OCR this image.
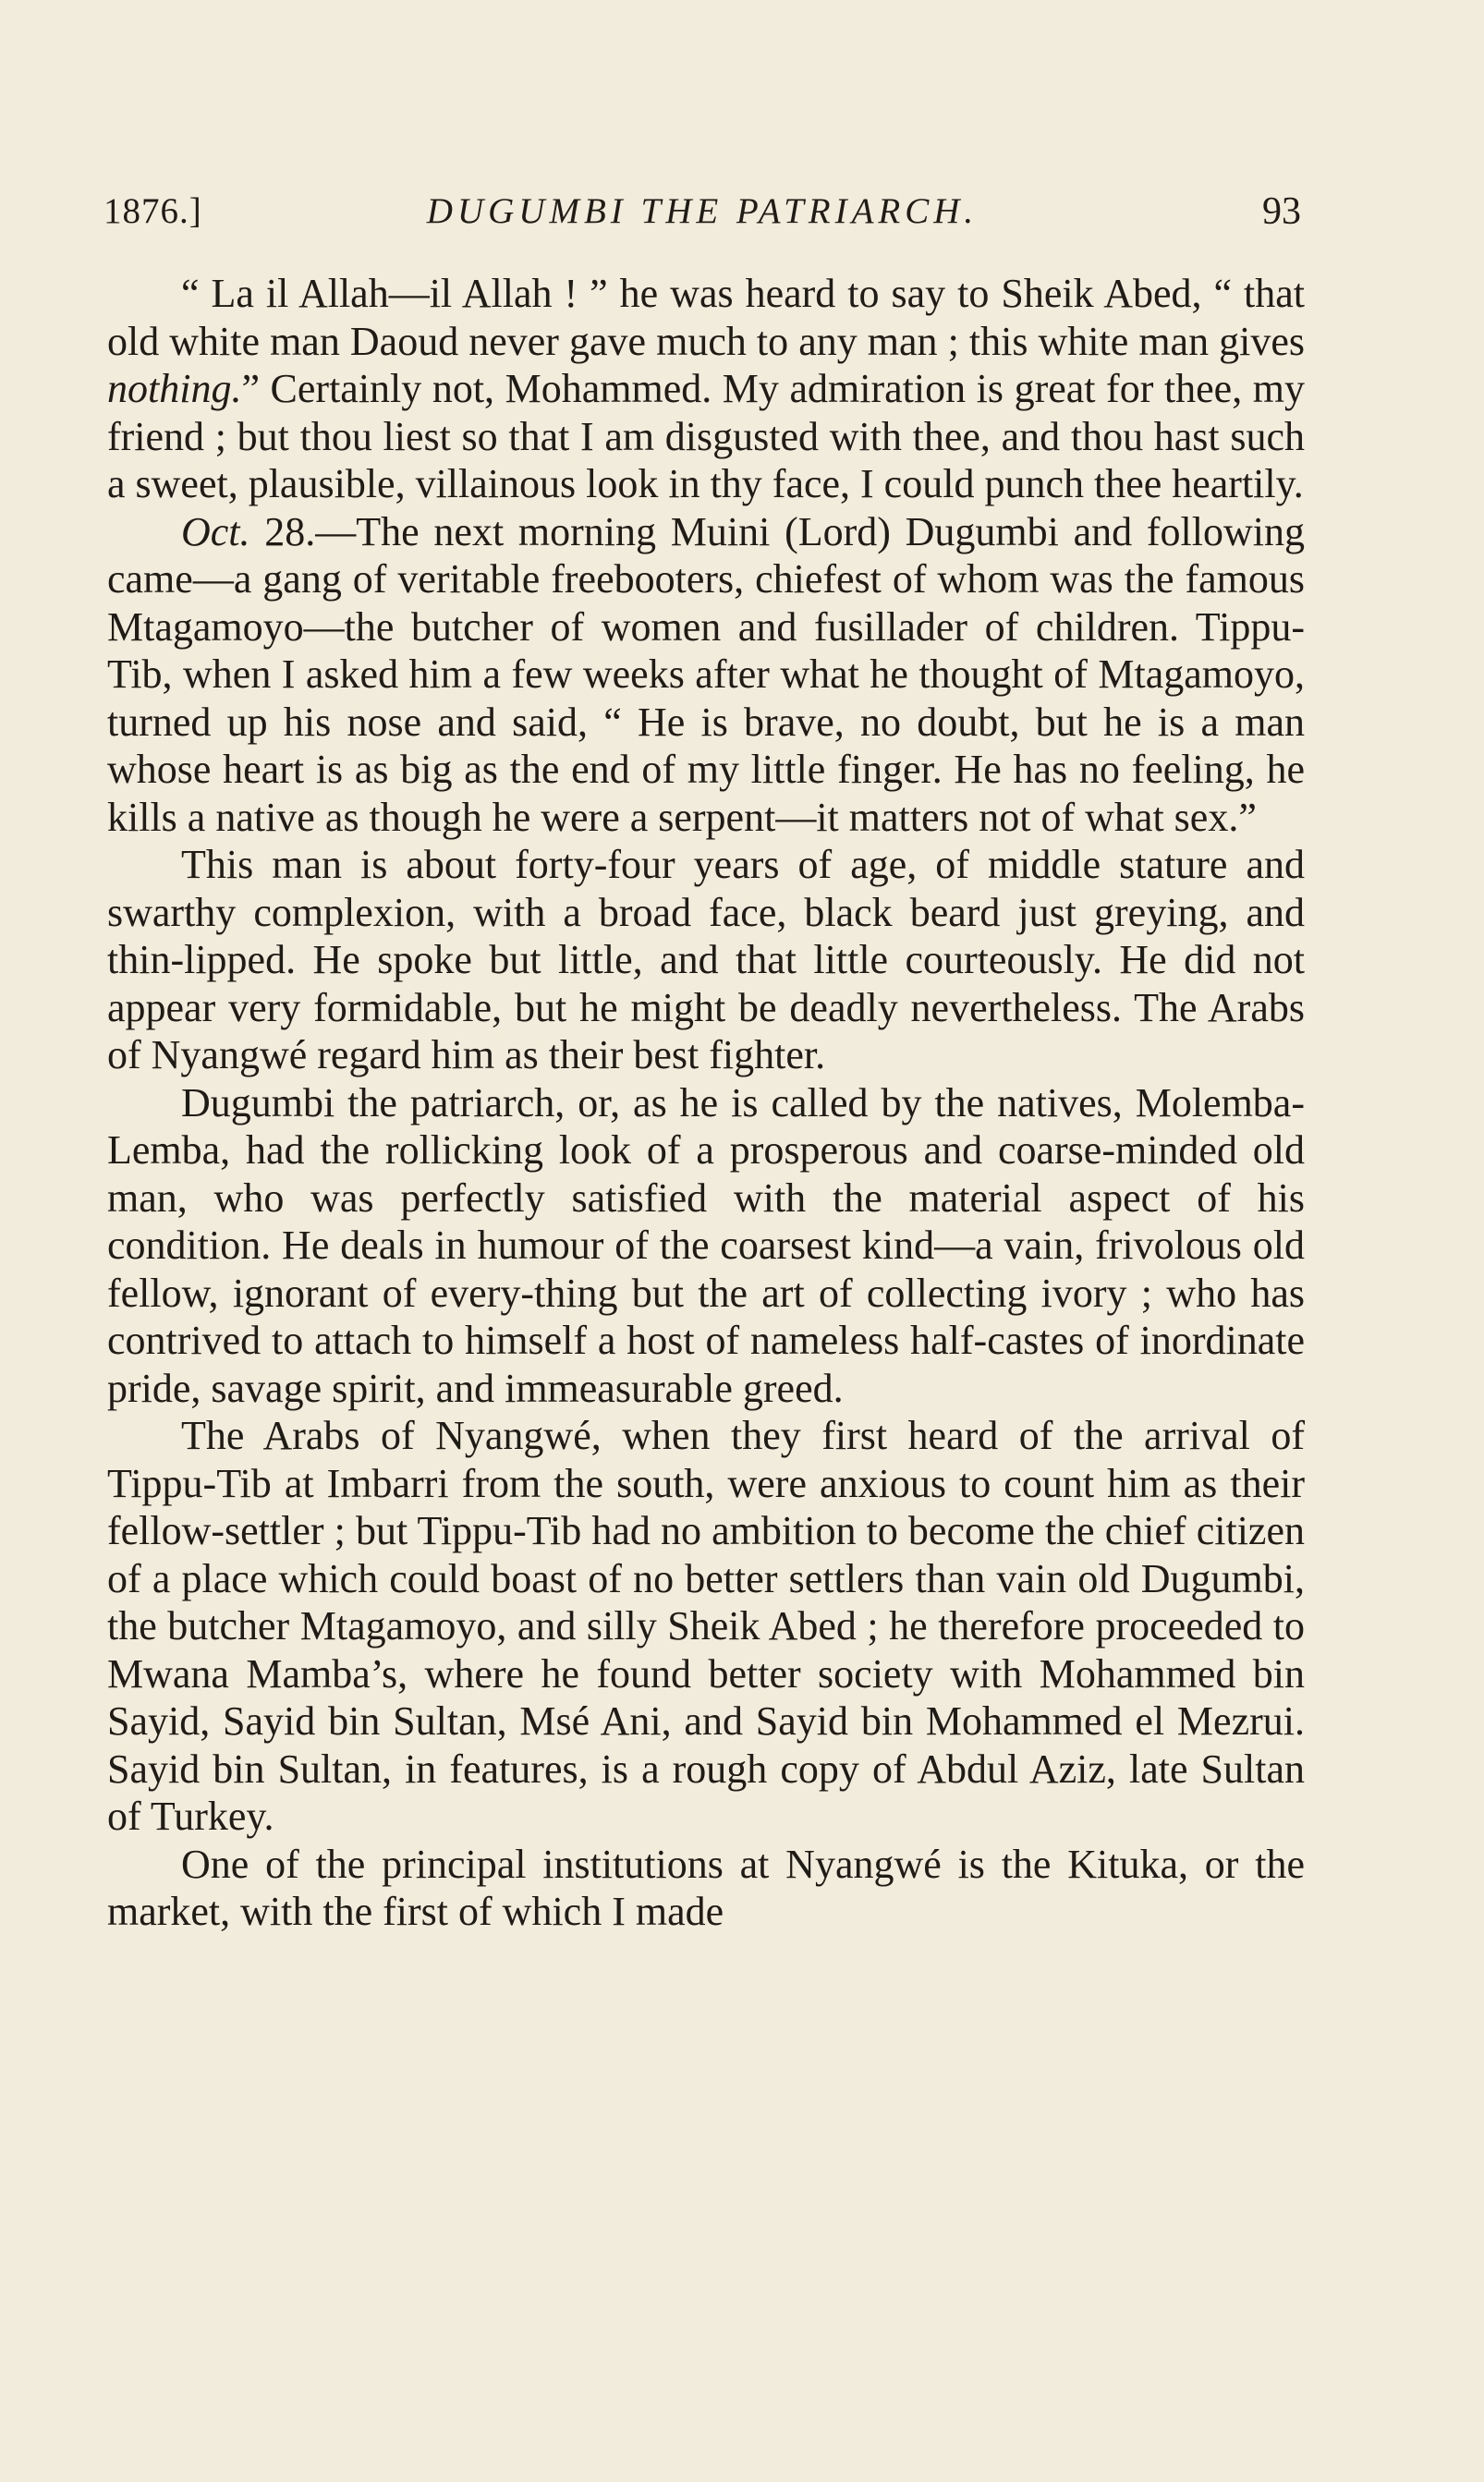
1876.]	DUGUMBI THE PATRIARCH.	93

“ La il Allah—il Allah ! ” he was heard to say to Sheik Abed, “ that old white man Daoud never gave much to any man ; this white man gives nothing.” Certainly not, Mohammed. My admiration is great for thee, my friend ; but thou liest so that I am disgusted with thee, and thou hast such a sweet, plausible, villainous look in thy face, I could punch thee heartily.

Oct. 28.—The next morning Muini (Lord) Dugumbi and following came—a gang of veritable freebooters, chiefest of whom was the famous Mtagamoyo—the butcher of women and fusillader of children. Tippu-Tib, when I asked him a few weeks after what he thought of Mtagamoyo, turned up his nose and said, “ He is brave, no doubt, but he is a man whose heart is as big as the end of my little finger. He has no feeling, he kills a native as though he were a serpent—it matters not of what sex.”

This man is about forty-four years of age, of middle stature and swarthy complexion, with a broad face, black beard just greying, and thin-lipped. He spoke but little, and that little courteously. He did not appear very formidable, but he might be deadly nevertheless. The Arabs of Nyangwé regard him as their best fighter.

Dugumbi the patriarch, or, as he is called by the natives, Molemba-Lemba, had the rollicking look of a prosperous and coarse-minded old man, who was perfectly satisfied with the material aspect of his condition. He deals in humour of the coarsest kind—a vain, frivolous old fellow, ignorant of every-thing but the art of collecting ivory ; who has contrived to attach to himself a host of nameless half-castes of inordinate pride, savage spirit, and immeasurable greed.

The Arabs of Nyangwé, when they first heard of the arrival of Tippu-Tib at Imbarri from the south, were anxious to count him as their fellow-settler ; but Tippu-Tib had no ambition to become the chief citizen of a place which could boast of no better settlers than vain old Dugumbi, the butcher Mtagamoyo, and silly Sheik Abed ; he therefore proceeded to Mwana Mamba’s, where he found better society with Mohammed bin Sayid, Sayid bin Sultan, Msé Ani, and Sayid bin Mohammed el Mezrui. Sayid bin Sultan, in features, is a rough copy of Abdul Aziz, late Sultan of Turkey.

One of the principal institutions at Nyangwé is the Kituka, or the market, with the first of which I made
